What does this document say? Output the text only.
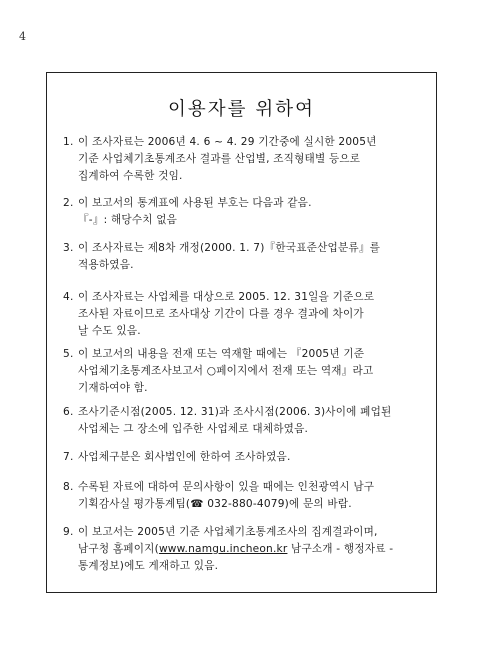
4
이용자를 위하여
1. 이 조사자료는 2006년 4. 6 ~ 4. 29 기간중에 실시한 2005년
기준 사업체기초통계조사 결과를 산업별, 조직형태별 등으로
집계하여 수록한 것임.
2. 이 보고서의 통계표에 사용된 부호는 다음과 같음.
『-』: 해당수치 없음
3. 이 조사자료는 제8차 개정(2000. 1. 7)『한국표준산업분류』를
적용하였음.
4. 이 조사자료는 사업체를 대상으로 2005. 12. 31일을 기준으로
조사된 자료이므로 조사대상 기간이 다를 경우 결과에 차이가
날 수도 있음.
5. 이 보고서의 내용을 전재 또는 역재할 때에는 『2005년 기준
사업체기초통계조사보고서 ○페이지에서 전재 또는 역재』라고
기재하여야 함.
6. 조사기준시점(2005. 12. 31)과 조사시점(2006. 3)사이에 폐업된
사업체는 그 장소에 입주한 사업체로 대체하였음.
7. 사업체구분은 회사법인에 한하여 조사하였음.
8. 수록된 자료에 대하여 문의사항이 있을 때에는 인천광역시 남구
기획감사실 평가통계팀(☎ 032-880-4079)에 문의 바람.
9. 이 보고서는 2005년 기준 사업체기초통계조사의 집계결과이며,
남구청 홈페이지(www.namgu.incheon.kr 남구소개 - 행정자료 -
통계정보)에도 게재하고 있음.
